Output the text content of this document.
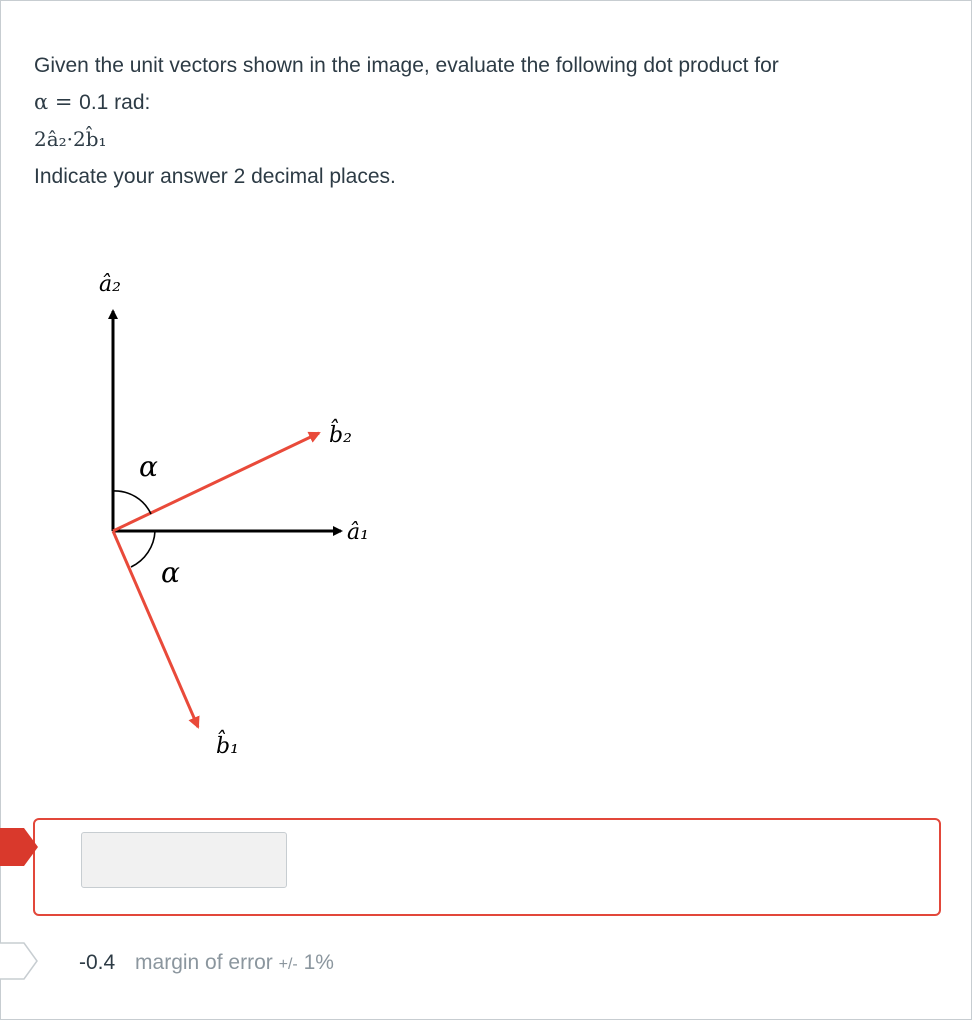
Given the unit vectors shown in the image, evaluate the following dot product for

α = 0.1 rad:

2â₂·2b̂₁

Indicate your answer 2 decimal places.

â₂
â₁
b̂₂
b̂₁
α
α
-0.4 margin of error +/- 1%
